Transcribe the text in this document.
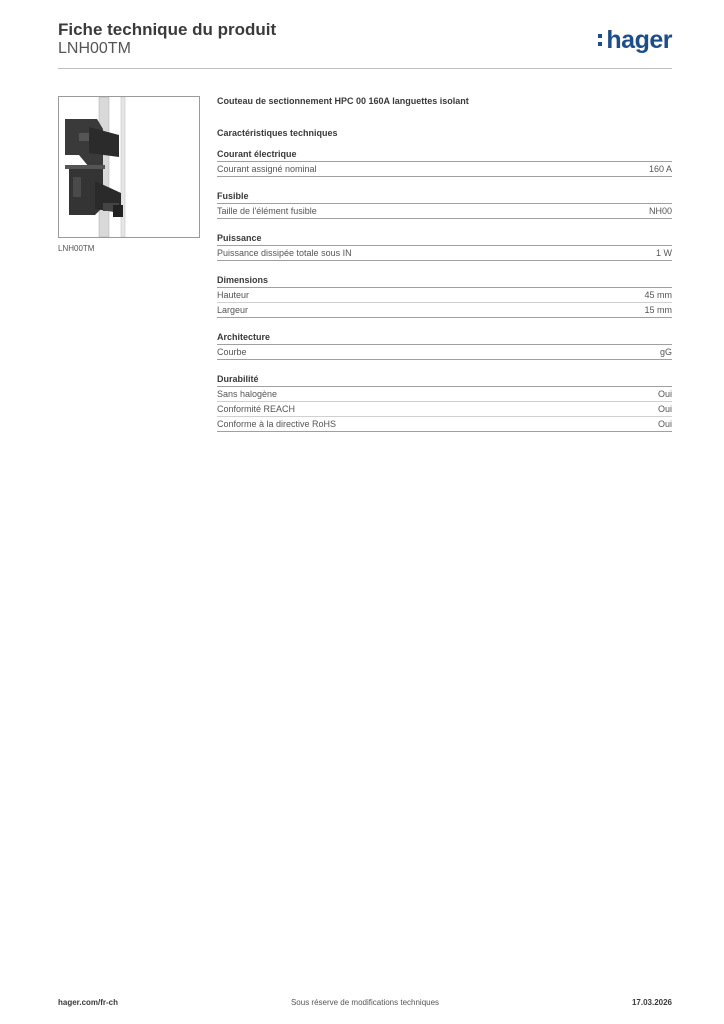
Fiche technique du produit
LNH00TM	hager
LNH00TM
Couteau de sectionnement HPC 00 160A languettes isolant
Caractéristiques techniques
Courant électrique
Courant assigné nominal	160 A
Fusible
Taille de l'élément fusible	NH00
Puissance
Puissance dissipée totale sous IN	1 W
Dimensions
Hauteur	45 mm
Largeur	15 mm
Architecture
Courbe	gG
Durabilité
Sans halogène	Oui
Conformité REACH	Oui
Conforme à la directive RoHS	Oui
hager.com/fr-ch	Sous réserve de modifications techniques	17.03.2026
